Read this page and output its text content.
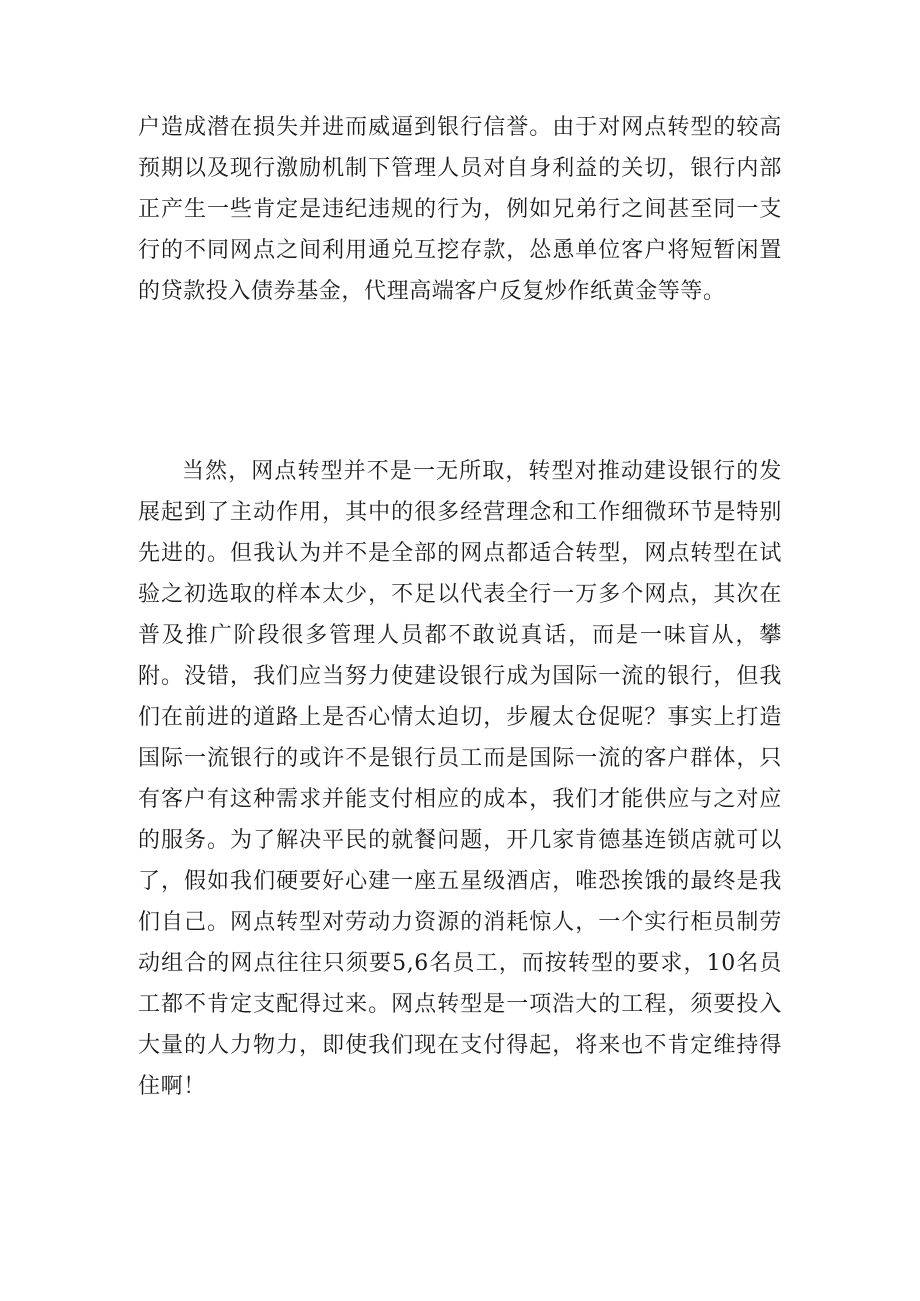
户造成潜在损失并进而威逼到银行信誉。由于对网点转型的较高预期以及现行激励机制下管理人员对自身利益的关切，银行内部正产生一些肯定是违纪违规的行为，例如兄弟行之间甚至同一支行的不同网点之间利用通兑互挖存款，怂恿单位客户将短暂闲置的贷款投入债券基金，代理高端客户反复炒作纸黄金等等。

当然，网点转型并不是一无所取，转型对推动建设银行的发展起到了主动作用，其中的很多经营理念和工作细微环节是特别先进的。但我认为并不是全部的网点都适合转型，网点转型在试验之初选取的样本太少，不足以代表全行一万多个网点，其次在普及推广阶段很多管理人员都不敢说真话，而是一味盲从，攀附。没错，我们应当努力使建设银行成为国际一流的银行，但我们在前进的道路上是否心情太迫切，步履太仓促呢？事实上打造国际一流银行的或许不是银行员工而是国际一流的客户群体，只有客户有这种需求并能支付相应的成本，我们才能供应与之对应的服务。为了解决平民的就餐问题，开几家肯德基连锁店就可以了，假如我们硬要好心建一座五星级酒店，唯恐挨饿的最终是我们自己。网点转型对劳动力资源的消耗惊人，一个实行柜员制劳动组合的网点往往只须要5,6名员工，而按转型的要求，10名员工都不肯定支配得过来。网点转型是一项浩大的工程，须要投入大量的人力物力，即使我们现在支付得起，将来也不肯定维持得住啊！
